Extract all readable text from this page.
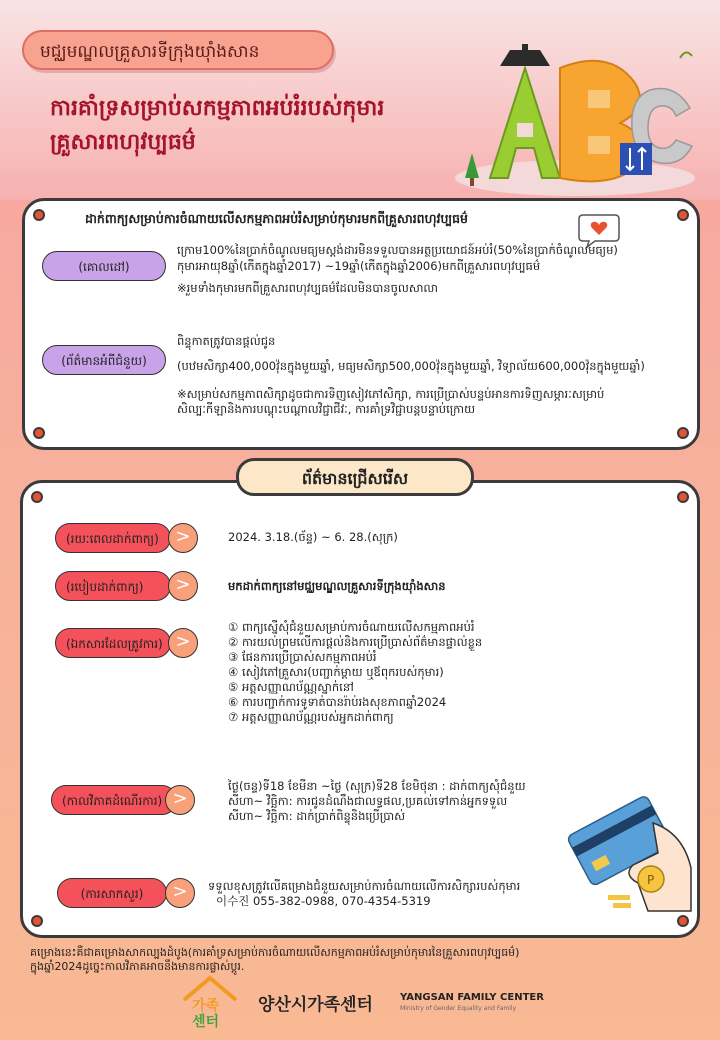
មជ្ឈមណ្ឌលគ្រួសារទីក្រុងយ៉ាំងសាន
ការគាំទ្រសម្រាប់សកម្មភាពអប់រំរបស់កុមារ
គ្រួសារពហុវប្បធម៌
ដាក់ពាក្យសម្រាប់ការចំណាយលើសកម្មភាពអប់រំសម្រាប់កុមារមកពីគ្រួសារពហុវប្បធម៌
(គោលដៅ)
ក្រោម100%នៃប្រាក់ចំណូលមធ្យមស្តង់ដារមិនទទួលបានអត្ថប្រយោជន៍អប់រំ(50%នៃប្រាក់ចំណូលមធ្យម)
កុមារអាយុ8ឆ្នាំ(កើតក្នុងឆ្នាំ2017) ~19ឆ្នាំ(កើតក្នុងឆ្នាំ2006)មកពីគ្រួសារពហុវប្បធម៌
※រួមទាំងកុមារមកពីគ្រួសារពហុវប្បធម៌ដែលមិនបានចូលសាលា
(ព័ត៌មានអំពីជំនួយ)
ពិន្ទុកាតត្រូវបានផ្តល់ជូន
(បឋមសិក្សា400,000វ៉ុនក្នុងមួយឆ្នាំ, មធ្យមសិក្សា500,000វ៉ុនក្នុងមួយឆ្នាំ, វិទ្យាល័យ600,000វ៉ុនក្នុងមួយឆ្នាំ)
※សម្រាប់សកម្មភាពសិក្សាដូចជាការទិញសៀវភៅសិក្សា, ការប្រើប្រាស់បន្ទប់អានការទិញសម្ភារៈសម្រាប់
សិល្បៈកីឡានិងការបណ្តុះបណ្តាលវិជ្ជាជីវៈ, ការគាំទ្រវិជ្ជាបន្តបន្ទាប់ក្រោយ
(រយៈពេលដាក់ពាក្យ) >	2024. 3.18.(ច័ន្ទ) ~ 6. 28.(សុក្រ)
(របៀបដាក់ពាក្យ)	>	មកដាក់ពាក្យនៅមជ្ឈមណ្ឌលគ្រួសារទីក្រុងយ៉ាំងសាន
(ឯកសារដែលត្រូវការ) >
① ពាក្យស្នើសុំជំនួយសម្រាប់ការចំណាយលើសកម្មភាពអប់រំ
② ការយល់ព្រមលើការផ្តល់និងការប្រើប្រាស់ព័ត៌មានផ្ទាល់ខ្លួន
③ ផែនការប្រើប្រាស់សកម្មភាពអប់រំ
④ សៀវភៅគ្រួសារ(បញ្ជាក់ម្តាយ ឬឪពុករបស់កុមារ)
⑤ អត្តសញ្ញាណប័ណ្ណស្នាក់នៅ
⑥ ការបញ្ជាក់ការទូទាត់បានរ៉ាប់រងសុខភាពឆ្នាំ2024
⑦ អត្តសញ្ញាណប័ណ្ណរបស់អ្នកដាក់ពាក្យ
(កាលវិភាគដំណើរការ) >
ថ្ងៃ(ចន្ទ)ទី18 ខែមីនា ~ថ្ងៃ (សុក្រ)ទី28 ខែមិថុនា : ដាក់ពាក្យសុំជំនួយ
សីហា~ វិច្ឆិកា: ការជូនដំណឹងជាលទ្ធផល,ប្រគល់ទៅកាន់អ្នកទទួល
សីហា~ វិច្ឆិកា: ដាក់ប្រាក់ពិន្ទុនិងប្រើប្រាស់
P
(ការសាកសួរ)	>	ទទួលខុសត្រូវលើគម្រោងជំនួយសម្រាប់ការចំណាយលើការសិក្សារបស់កុមារ
이수진 055-382-0988, 070-4354-5319
ព័ត៌មានជ្រើសរើស
គម្រោងនេះគឺជាគម្រោងសាកល្បងដំបូង(ការគាំទ្រសម្រាប់ការចំណាយលើសកម្មភាពអប់រំសម្រាប់កុមារនៃគ្រួសារពហុវប្បធម៌)
ក្នុងឆ្នាំ2024ដូច្នេះកាលវិភាគអាចនឹងមានការផ្លាស់ប្តូរ.
가족
센터
양산시가족센터	YANGSAN FAMILY CENTER
Ministry of Gender Equality and Family
